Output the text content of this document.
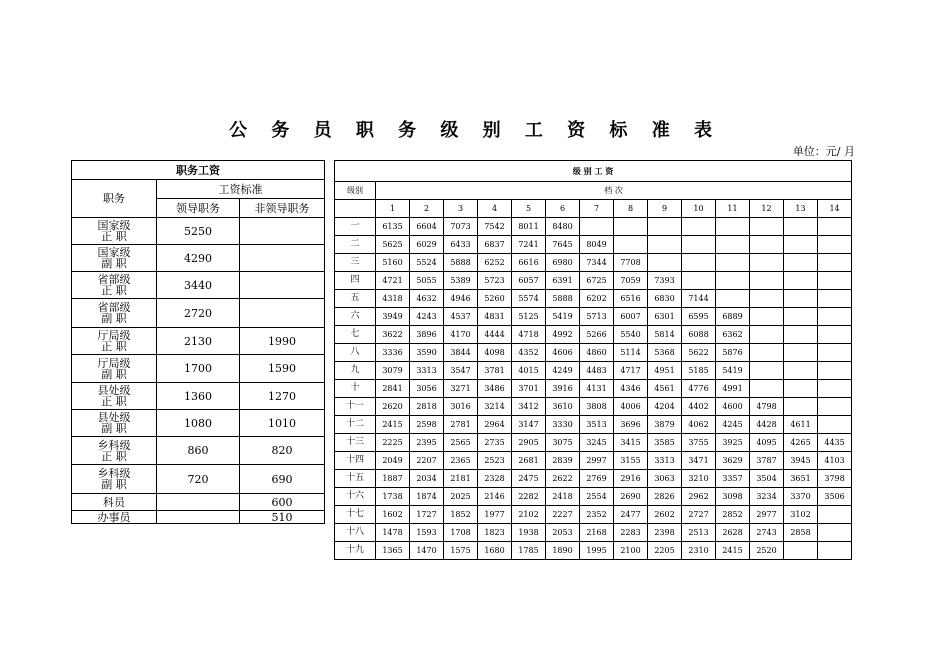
公 务 员 职 务 级 别 工 资 标 准 表
单位：元/ 月
职务工资		
职务	工资标准	
	领导职务	非领导职务

国家级
正 职	5250	

国家级
副 职	4290	

省部级
正 职	3440	

省部级
副 职	2720	

厅局级
正 职	2130	1990

厅局级
副 职	1700	1590

县处级
正 职	1360	1270

县处级
副 职	1080	1010

乡科级
正 职	860	820

乡科级
副 职	720	690
科员		600
办事员		510
级 别 工 资														
级别	档 次													
	1	2	3	4	5	6	7	8	9	10	11	12	13	14
一	6135	6604	7073	7542	8011	8480								
二	5625	6029	6433	6837	7241	7645	8049							
三	5160	5524	5888	6252	6616	6980	7344	7708						
四	4721	5055	5389	5723	6057	6391	6725	7059	7393					
五	4318	4632	4946	5260	5574	5888	6202	6516	6830	7144				
六	3949	4243	4537	4831	5125	5419	5713	6007	6301	6595	6889			
七	3622	3896	4170	4444	4718	4992	5266	5540	5814	6088	6362			
八	3336	3590	3844	4098	4352	4606	4860	5114	5368	5622	5876			
九	3079	3313	3547	3781	4015	4249	4483	4717	4951	5185	5419			
十	2841	3056	3271	3486	3701	3916	4131	4346	4561	4776	4991			
十一	2620	2818	3016	3214	3412	3610	3808	4006	4204	4402	4600	4798		
十二	2415	2598	2781	2964	3147	3330	3513	3696	3879	4062	4245	4428	4611	
十三	2225	2395	2565	2735	2905	3075	3245	3415	3585	3755	3925	4095	4265	4435
十四	2049	2207	2365	2523	2681	2839	2997	3155	3313	3471	3629	3787	3945	4103
十五	1887	2034	2181	2328	2475	2622	2769	2916	3063	3210	3357	3504	3651	3798
十六	1738	1874	2025	2146	2282	2418	2554	2690	2826	2962	3098	3234	3370	3506
十七	1602	1727	1852	1977	2102	2227	2352	2477	2602	2727	2852	2977	3102	
十八	1478	1593	1708	1823	1938	2053	2168	2283	2398	2513	2628	2743	2858	
十九	1365	1470	1575	1680	1785	1890	1995	2100	2205	2310	2415	2520		
